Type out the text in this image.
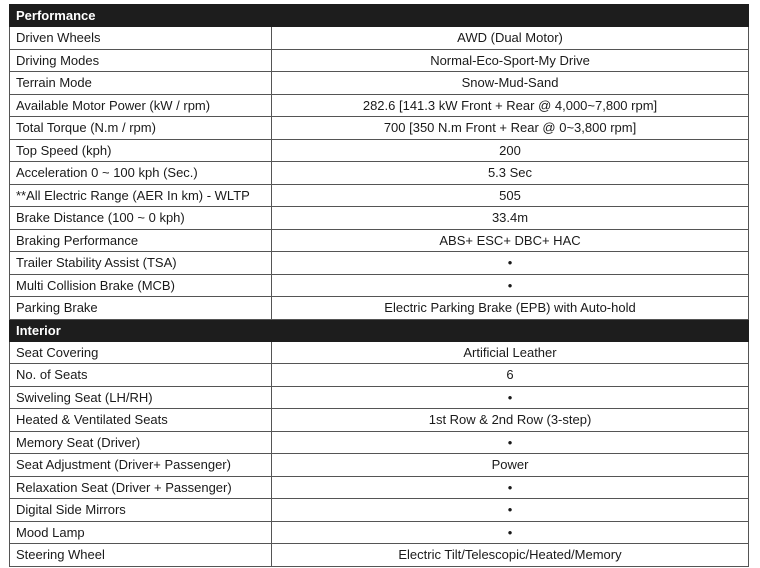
Performance	
Driven Wheels	AWD (Dual Motor)
Driving Modes	Normal-Eco-Sport-My Drive
Terrain Mode	Snow-Mud-Sand
Available Motor Power (kW / rpm)	282.6 [141.3 kW Front + Rear @ 4,000~7,800 rpm]
Total Torque (N.m / rpm)	700 [350 N.m Front + Rear @ 0~3,800 rpm]
Top Speed (kph)	200
Acceleration 0 ~ 100 kph (Sec.)	5.3 Sec
**All Electric Range (AER In km) - WLTP	505
Brake Distance (100 ~ 0 kph)	33.4m
Braking Performance	ABS+ ESC+ DBC+ HAC
Trailer Stability Assist (TSA)	•
Multi Collision Brake (MCB)	•
Parking Brake	Electric Parking Brake (EPB) with Auto-hold
Interior	
Seat Covering	Artificial Leather
No. of Seats	6
Swiveling Seat (LH/RH)	•
Heated & Ventilated Seats	1st Row & 2nd Row (3-step)
Memory Seat (Driver)	•
Seat Adjustment (Driver+ Passenger)	Power
Relaxation Seat (Driver + Passenger)	•
Digital Side Mirrors	•
Mood Lamp	•
Steering Wheel	Electric Tilt/Telescopic/Heated/Memory
